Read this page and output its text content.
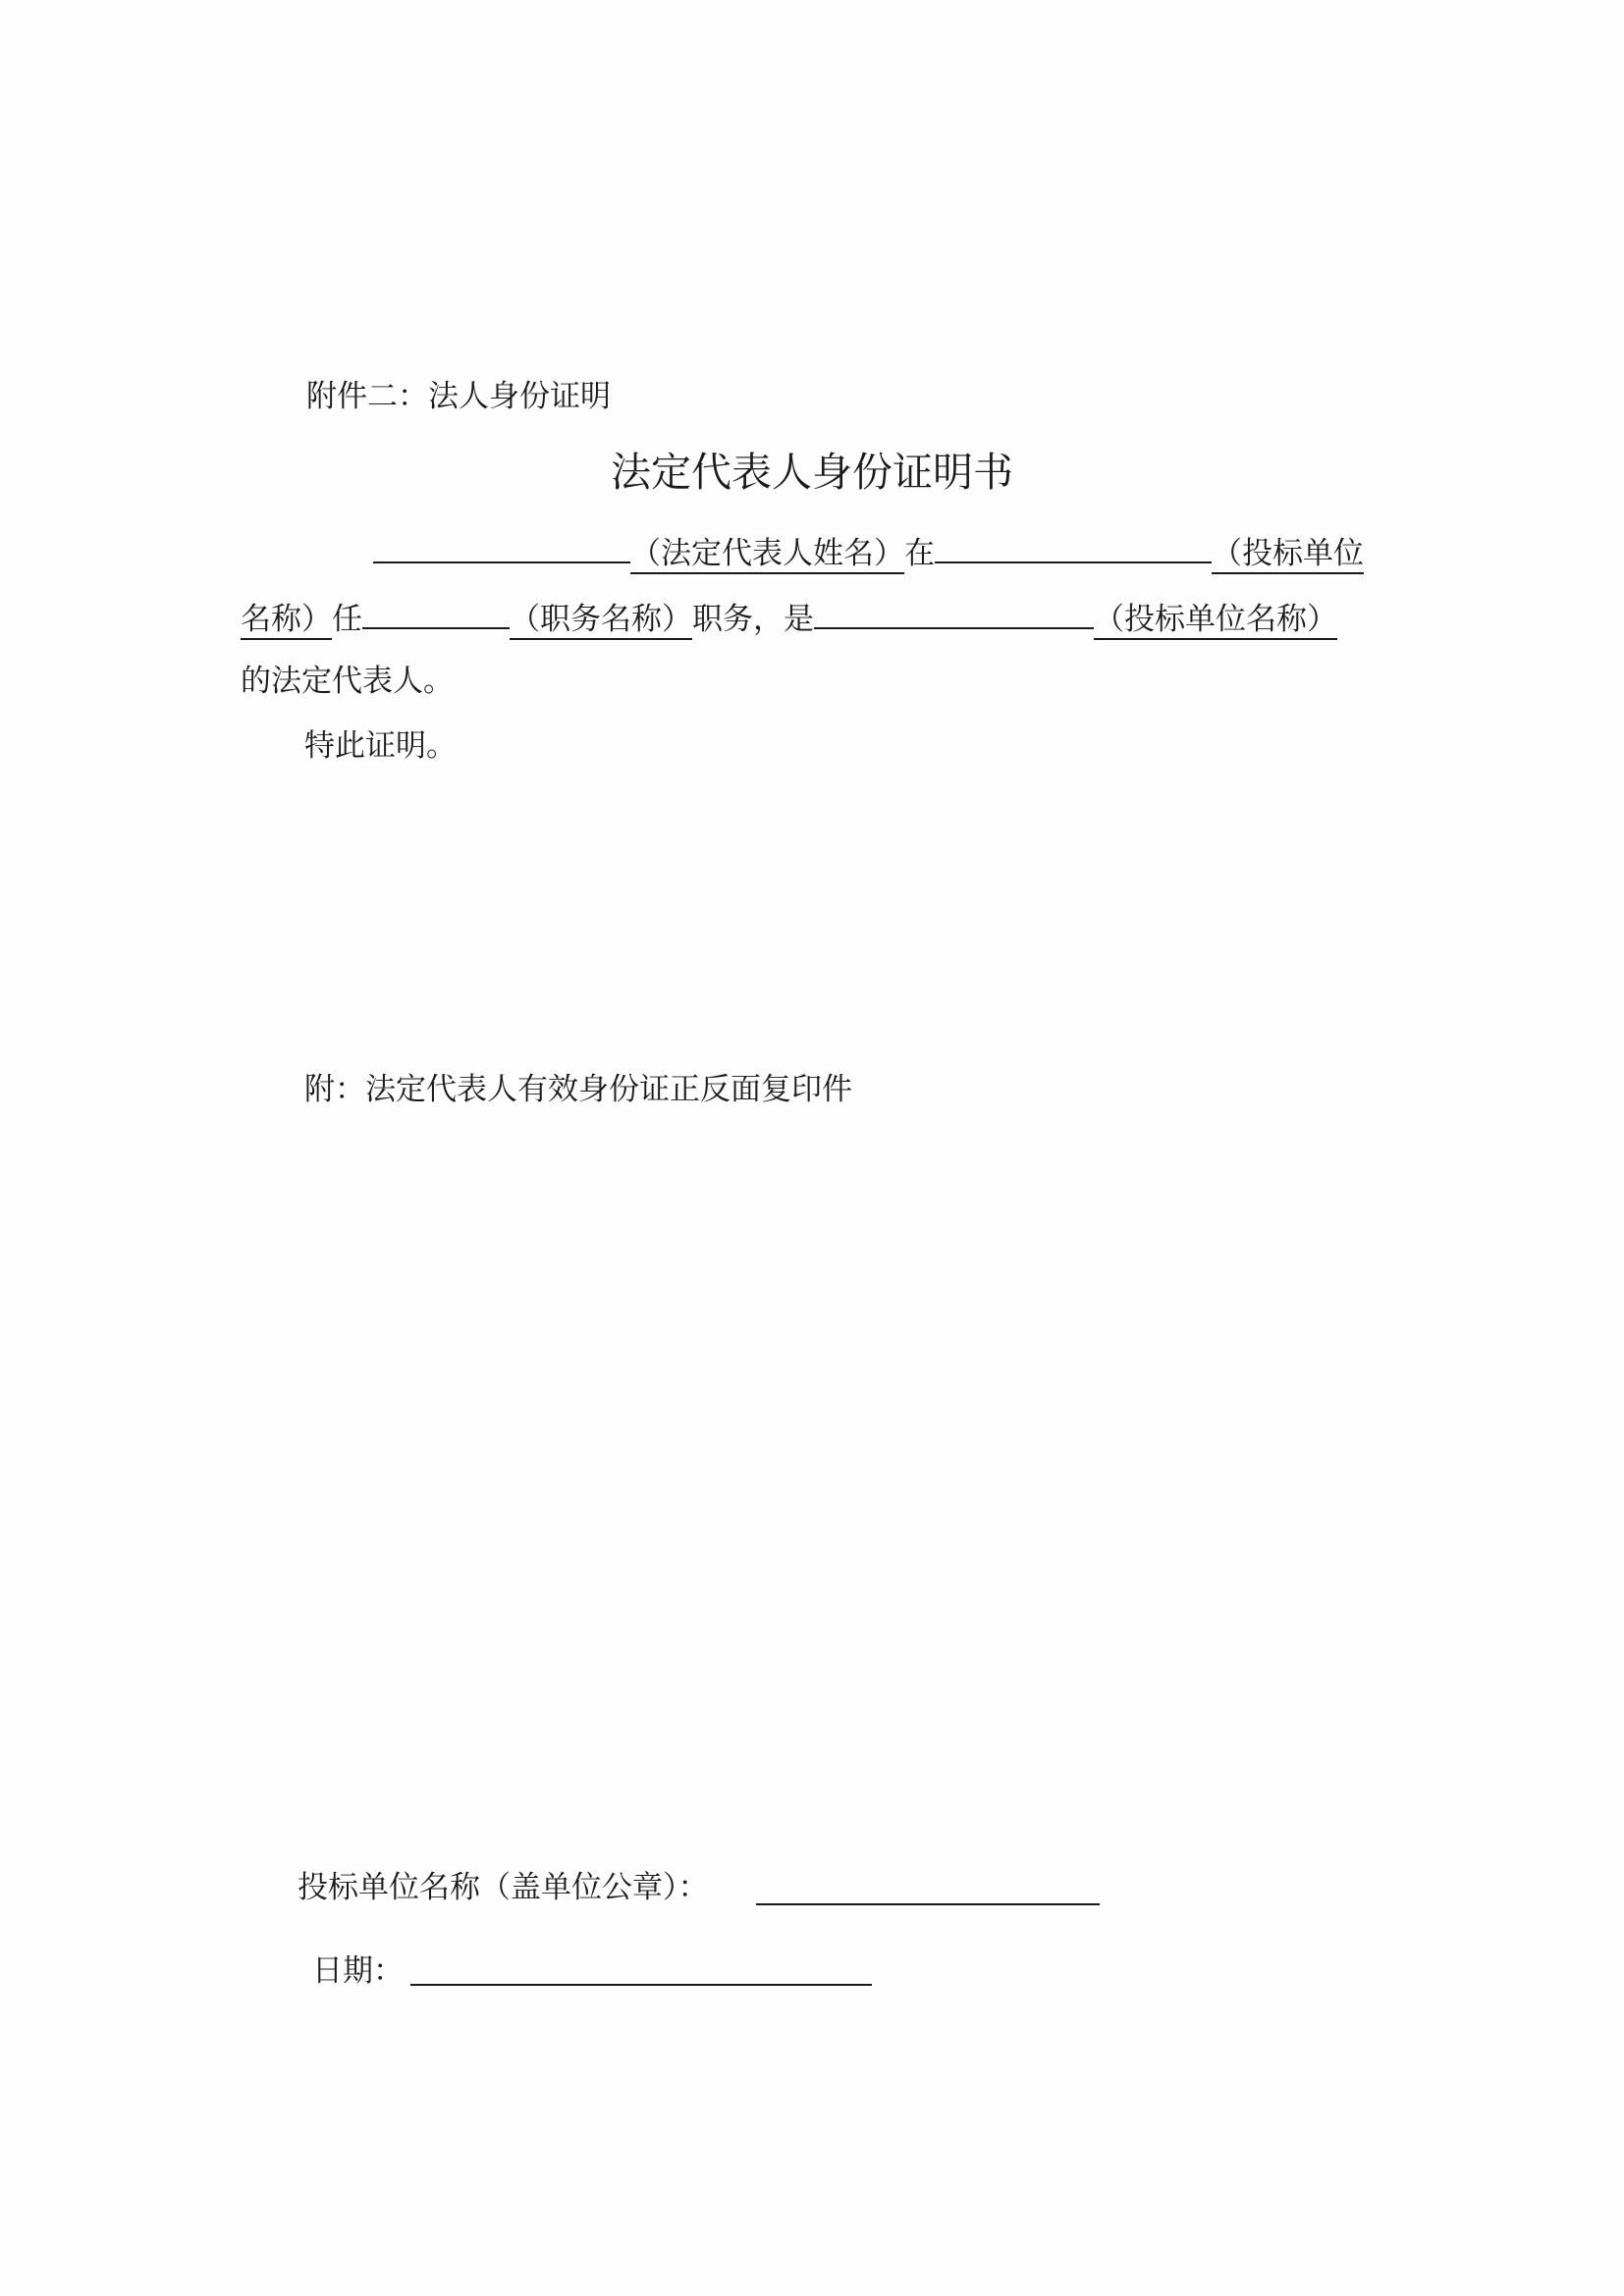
附件二：法人身份证明
法定代表人身份证明书
（法定代表人姓名）在	（投标单位
名称）任	（职务名称）职务，是	（投标单位名称）
的法定代表人。
特此证明。
附：法定代表人有效身份证正反面复印件
投标单位名称（盖单位公章）：
日期：
